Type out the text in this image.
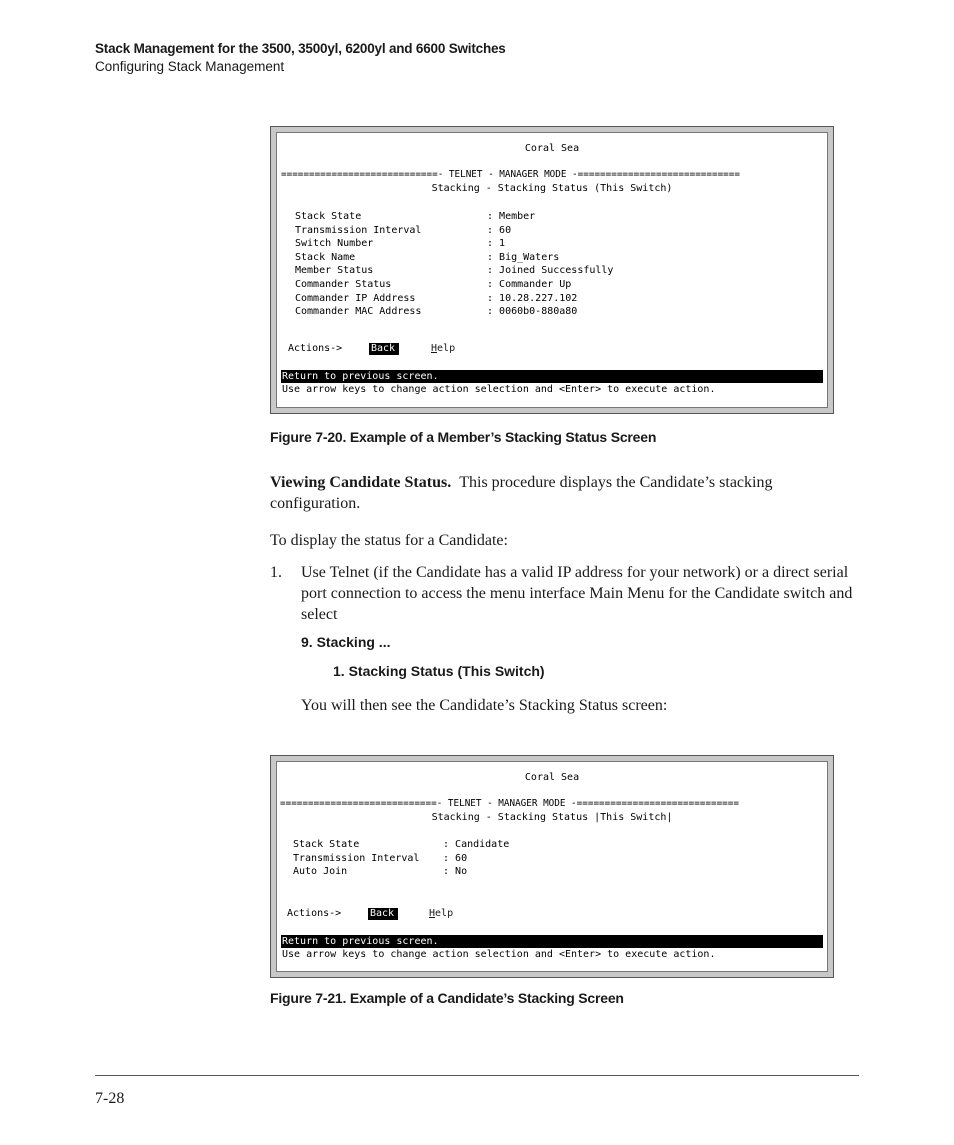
Stack Management for the 3500, 3500yl, 6200yl and 6600 Switches
Configuring Stack Management
Coral Sea
============================- TELNET - MANAGER MODE -=============================
Stacking - Stacking Status (This Switch)
Stack State	: Member
Transmission Interval	: 60
Switch Number	: 1
Stack Name	: Big_Waters
Member Status	: Joined Successfully
Commander Status	: Commander Up
Commander IP Address	: 10.28.227.102
Commander MAC Address	: 0060b0-880a80
Actions->	Back	Help
Return to previous screen.
Use arrow keys to change action selection and <Enter> to execute action.
Figure 7-20. Example of a Member’s Stacking Status Screen
Viewing Candidate Status. This procedure displays the Candidate’s stacking configuration.
To display the status for a Candidate:
1. Use Telnet (if the Candidate has a valid IP address for your network) or a direct serial port connection to access the menu interface Main Menu for the Candidate switch and select
9. Stacking ...
1. Stacking Status (This Switch)
You will then see the Candidate’s Stacking Status screen:
Coral Sea
============================- TELNET - MANAGER MODE -=============================
Stacking - Stacking Status |This Switch|
Stack State	: Candidate
Transmission Interval : 60
Auto Join	: No
Actions->	Back	Help
Return to previous screen.
Use arrow keys to change action selection and <Enter> to execute action.
Figure 7-21. Example of a Candidate’s Stacking Screen
7-28
